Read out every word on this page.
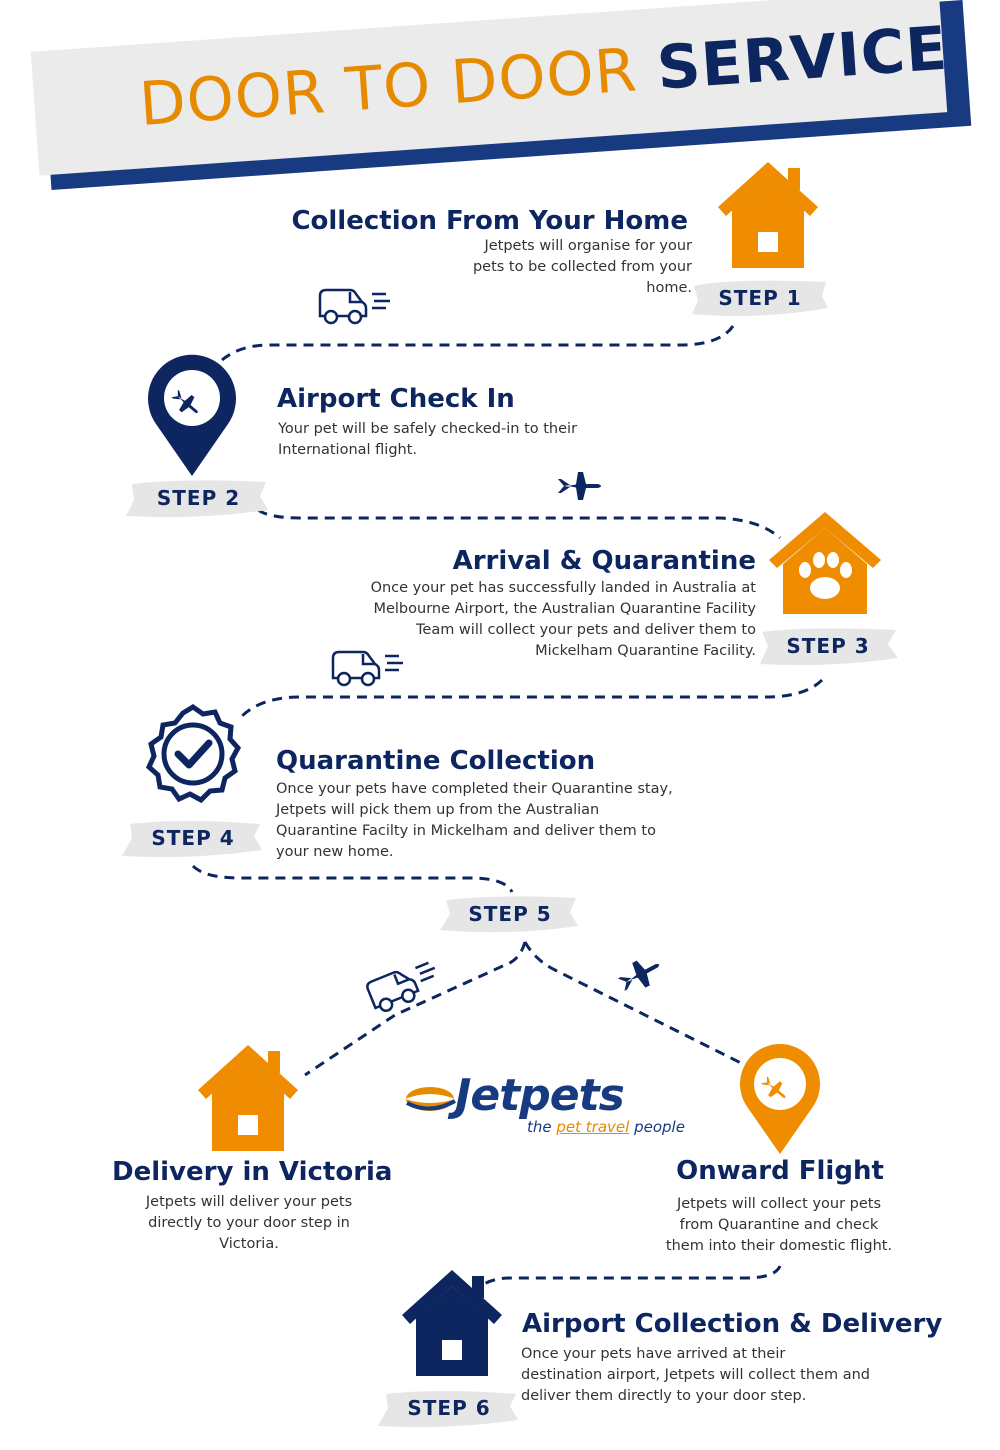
DOOR TO DOOR SERVICE
Collection From Your Home
Jetpets will organise for your pets to be collected from your home. STEP 1
Airport Check In
Your pet will be safely checked-in to their International flight.
STEP 2
Arrival & Quarantine
Once your pet has successfully landed in Australia at Melbourne Airport, the Australian Quarantine Facility Team will collect your pets and deliver them to Mickelham Quarantine Facility. STEP 3
Quarantine Collection
Once your pets have completed their Quarantine stay, Jetpets will pick them up from the Australian Quarantine Facilty in Mickelham and deliver them to your new home.
STEP 4
STEP 5
Delivery in Victoria
Jetpets will deliver your pets directly to your door step in Victoria.
Onward Flight
Jetpets will collect your pets from Quarantine and check them into their domestic flight.
Airport Collection & Delivery
Once your pets have arrived at their destination airport, Jetpets will collect them and deliver them directly to your door step.
STEP 6
Jetpets
the pet travel people
